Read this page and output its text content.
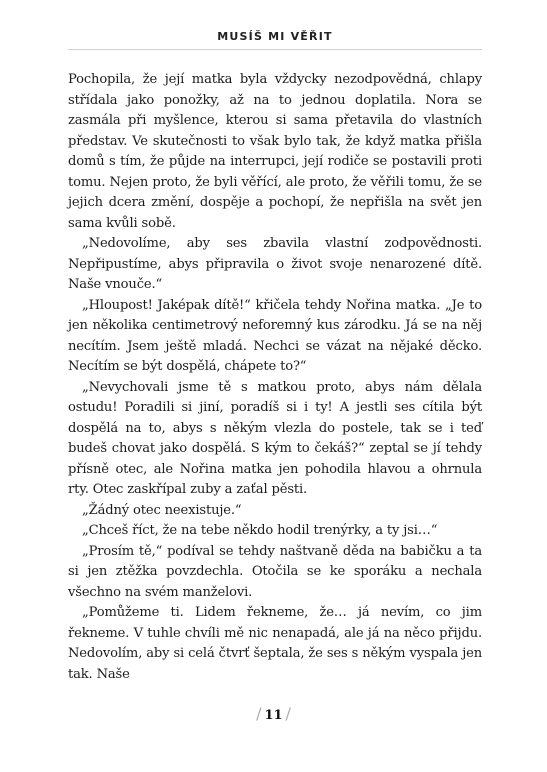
MUSÍŠ MI VĚŘIT

Pochopila, že její matka byla vždycky nezodpovědná, chlapy střídala jako ponožky, až na to jednou doplatila. Nora se zasmála při myšlence, kterou si sama přetavila do vlastních představ. Ve skutečnosti to však bylo tak, že když matka přišla domů s tím, že půjde na interrupci, její rodiče se postavili proti tomu. Nejen proto, že byli věřící, ale proto, že věřili tomu, že se jejich dcera změní, dospěje a pochopí, že nepřišla na svět jen sama kvůli sobě.

„Nedovolíme, aby ses zbavila vlastní zodpovědnosti. Nepřipustíme, abys připravila o život svoje nenarozené dítě. Naše vnouče.“

„Hloupost! Jaképak dítě!“ křičela tehdy Nořina matka. „Je to jen několika centimetrový neforemný kus zárodku. Já se na něj necítím. Jsem ještě mladá. Nechci se vázat na nějaké děcko. Necítím se být dospělá, chápete to?“

„Nevychovali jsme tě s matkou proto, abys nám dělala ostudu! Poradili si jiní, poradíš si i ty! A jestli ses cítila být dospělá na to, abys s někým vlezla do postele, tak se i teď budeš chovat jako dospělá. S kým to čekáš?“ zeptal se jí tehdy přísně otec, ale Nořina matka jen pohodila hlavou a ohrnula rty. Otec zaskřípal zuby a zaťal pěsti.

„Žádný otec neexistuje.“

„Chceš říct, že na tebe někdo hodil trenýrky, a ty jsi…“

„Prosím tě,“ podíval se tehdy naštvaně děda na babičku a ta si jen ztěžka povzdechla. Otočila se ke sporáku a nechala všechno na svém manželovi.

„Pomůžeme ti. Lidem řekneme, že… já nevím, co jim řekneme. V tuhle chvíli mě nic nenapadá, ale já na něco přijdu. Nedovolím, aby si celá čtvrť šeptala, že ses s někým vyspala jen tak. Naše

/ 11 /
